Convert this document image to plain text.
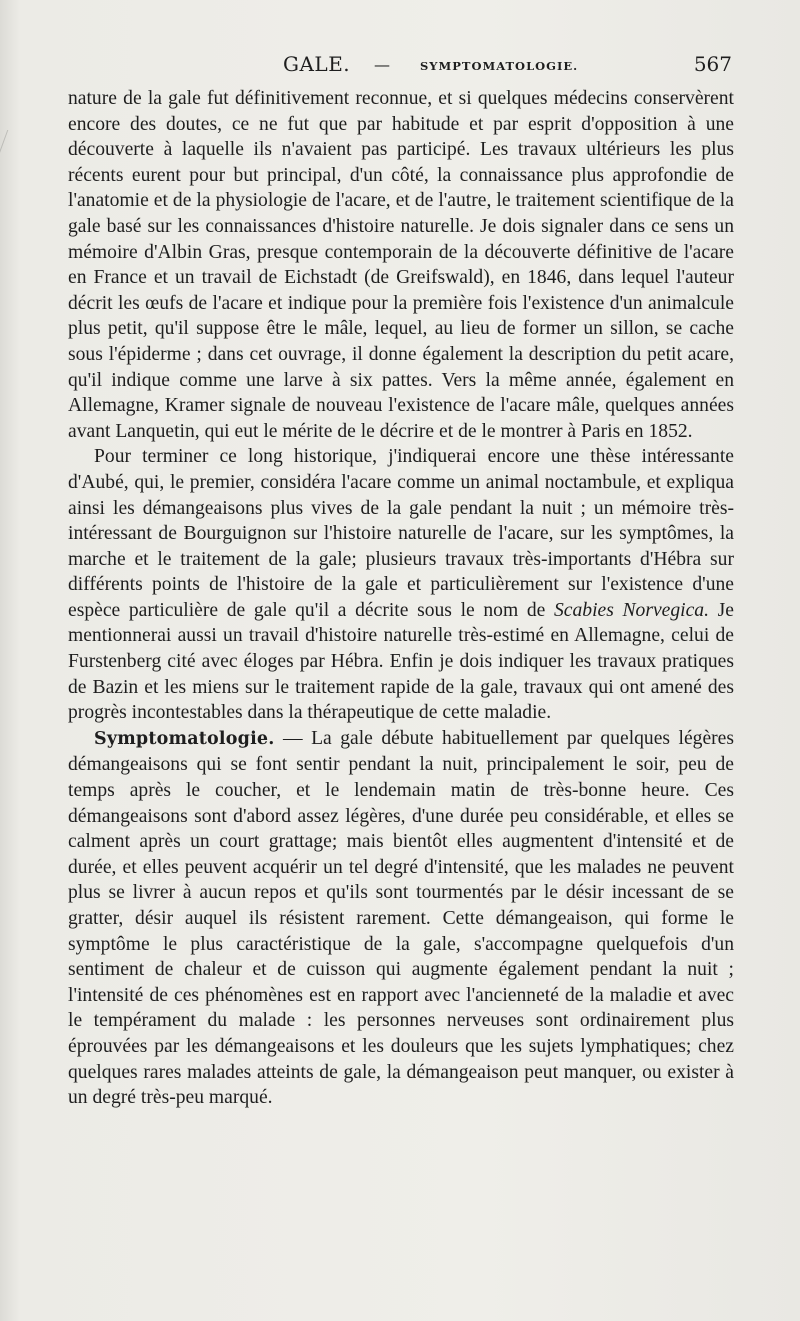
GALE. —	SYMPTOMATOLOGIE.	567

nature de la gale fut définitivement reconnue, et si quelques médecins conservèrent encore des doutes, ce ne fut que par habitude et par esprit d'opposition à une découverte à laquelle ils n'avaient pas participé. Les travaux ultérieurs les plus récents eurent pour but principal, d'un côté, la connaissance plus approfondie de l'anatomie et de la physiologie de l'acare, et de l'autre, le traitement scientifique de la gale basé sur les connaissances d'histoire naturelle. Je dois signaler dans ce sens un mémoire d'Albin Gras, presque contemporain de la découverte définitive de l'acare en France et un travail de Eichstadt (de Greifswald), en 1846, dans lequel l'auteur décrit les œufs de l'acare et indique pour la première fois l'existence d'un animalcule plus petit, qu'il suppose être le mâle, lequel, au lieu de former un sillon, se cache sous l'épiderme ; dans cet ouvrage, il donne également la description du petit acare, qu'il indique comme une larve à six pattes. Vers la même année, également en Allemagne, Kramer signale de nouveau l'existence de l'acare mâle, quelques années avant Lanquetin, qui eut le mérite de le décrire et de le montrer à Paris en 1852.

Pour terminer ce long historique, j'indiquerai encore une thèse intéressante d'Aubé, qui, le premier, considéra l'acare comme un animal noctambule, et expliqua ainsi les démangeaisons plus vives de la gale pendant la nuit ; un mémoire très-intéressant de Bourguignon sur l'histoire naturelle de l'acare, sur les symptômes, la marche et le traitement de la gale; plusieurs travaux très-importants d'Hébra sur différents points de l'histoire de la gale et particulièrement sur l'existence d'une espèce particulière de gale qu'il a décrite sous le nom de Scabies Norvegica. Je mentionnerai aussi un travail d'histoire naturelle très-estimé en Allemagne, celui de Furstenberg cité avec éloges par Hébra. Enfin je dois indiquer les travaux pratiques de Bazin et les miens sur le traitement rapide de la gale, travaux qui ont amené des progrès incontestables dans la thérapeutique de cette maladie.

Symptomatologie. — La gale débute habituellement par quelques légères démangeaisons qui se font sentir pendant la nuit, principalement le soir, peu de temps après le coucher, et le lendemain matin de très-bonne heure. Ces démangeaisons sont d'abord assez légères, d'une durée peu considérable, et elles se calment après un court grattage; mais bientôt elles augmentent d'intensité et de durée, et elles peuvent acquérir un tel degré d'intensité, que les malades ne peuvent plus se livrer à aucun repos et qu'ils sont tourmentés par le désir incessant de se gratter, désir auquel ils résistent rarement. Cette démangeaison, qui forme le symptôme le plus caractéristique de la gale, s'accompagne quelquefois d'un sentiment de chaleur et de cuisson qui augmente également pendant la nuit ; l'intensité de ces phénomènes est en rapport avec l'ancienneté de la maladie et avec le tempérament du malade : les personnes nerveuses sont ordinairement plus éprouvées par les démangeaisons et les douleurs que les sujets lymphatiques; chez quelques rares malades atteints de gale, la démangeaison peut manquer, ou exister à un degré très-peu marqué.
